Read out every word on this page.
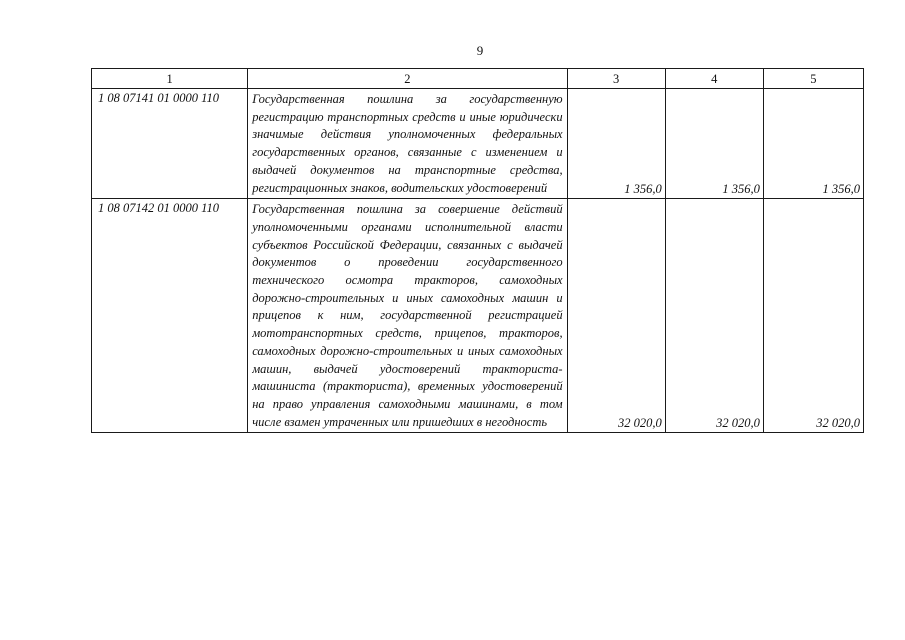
9
1	2	3	4	5
1 08 07141 01 0000 110	Государственная пошлина за государственную регистрацию транспортных средств и иные юридически значимые действия уполномоченных федеральных государственных органов, связанные с изменением и выдачей документов на транспортные средства, регистрационных знаков, водительских удостоверений	1 356,0	1 356,0	1 356,0
1 08 07142 01 0000 110	Государственная пошлина за совершение действий уполномоченными органами исполнительной власти субъектов Российской Федерации, связанных с выдачей документов о проведении государственного технического осмотра тракторов, самоходных дорожно-строительных и иных самоходных машин и прицепов к ним, государственной регистрацией мототранспортных средств, прицепов, тракторов, самоходных дорожно-строительных и иных самоходных машин, выдачей удостоверений тракториста-машиниста (тракториста), временных удостоверений на право управления самоходными машинами, в том числе взамен утраченных или пришедших в негодность	32 020,0	32 020,0	32 020,0
